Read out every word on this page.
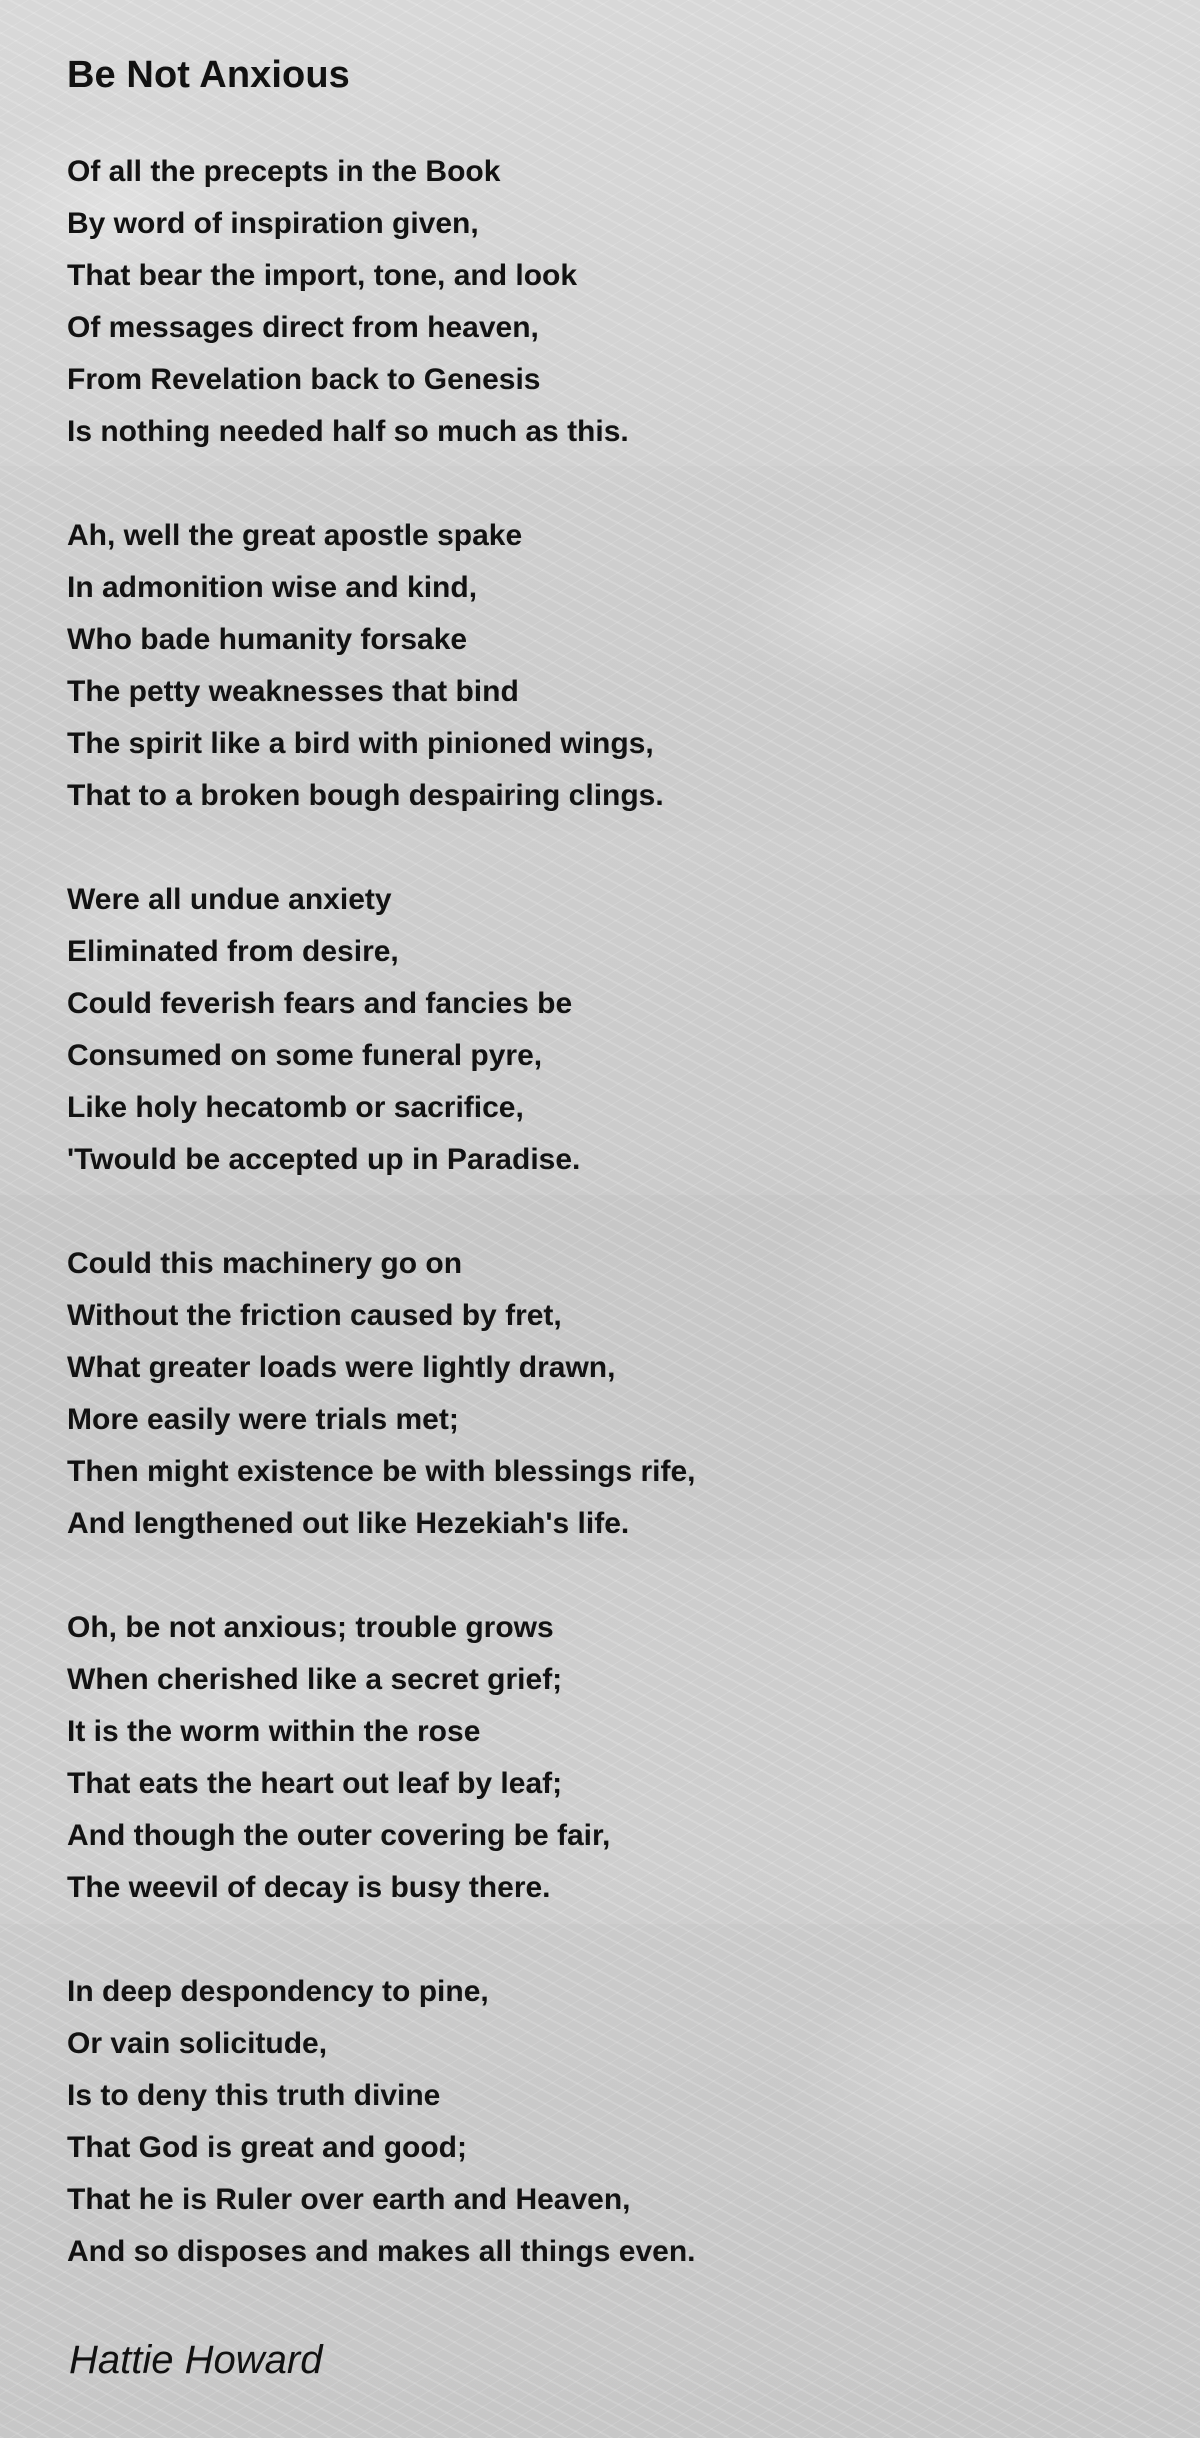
Be Not Anxious

Of all the precepts in the Book
By word of inspiration given,
That bear the import, tone, and look
Of messages direct from heaven,
From Revelation back to Genesis
Is nothing needed half so much as this.

Ah, well the great apostle spake
In admonition wise and kind,
Who bade humanity forsake
The petty weaknesses that bind
The spirit like a bird with pinioned wings,
That to a broken bough despairing clings.

Were all undue anxiety
Eliminated from desire,
Could feverish fears and fancies be
Consumed on some funeral pyre,
Like holy hecatomb or sacrifice,
'Twould be accepted up in Paradise.

Could this machinery go on
Without the friction caused by fret,
What greater loads were lightly drawn,
More easily were trials met;
Then might existence be with blessings rife,
And lengthened out like Hezekiah's life.

Oh, be not anxious; trouble grows
When cherished like a secret grief;
It is the worm within the rose
That eats the heart out leaf by leaf;
And though the outer covering be fair,
The weevil of decay is busy there.

In deep despondency to pine,
Or vain solicitude,
Is to deny this truth divine
That God is great and good;
That he is Ruler over earth and Heaven,
And so disposes and makes all things even.

Hattie Howard
